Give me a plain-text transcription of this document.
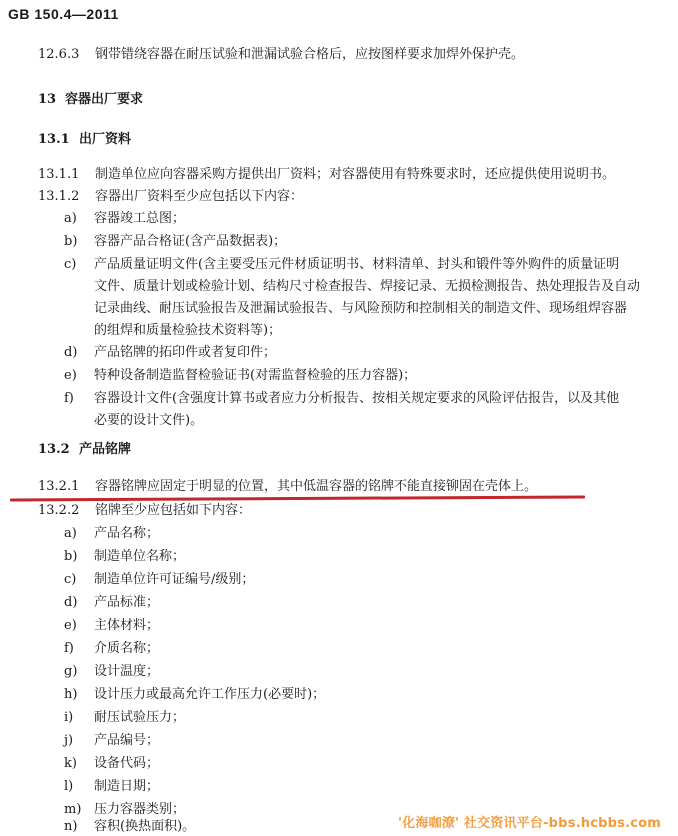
GB 150.4—2011
12.6.3 钢带错绕容器在耐压试验和泄漏试验合格后，应按图样要求加焊外保护壳。
13 容器出厂要求
13.1 出厂资料
13.1.1 制造单位应向容器采购方提供出厂资料；对容器使用有特殊要求时，还应提供使用说明书。
13.1.2 容器出厂资料至少应包括以下内容：
a) 容器竣工总图；
b) 容器产品合格证(含产品数据表)；
c) 产品质量证明文件(含主要受压元件材质证明书、材料清单、封头和锻件等外购件的质量证明
文件、质量计划或检验计划、结构尺寸检查报告、焊接记录、无损检测报告、热处理报告及自动
记录曲线、耐压试验报告及泄漏试验报告、与风险预防和控制相关的制造文件、现场组焊容器
的组焊和质量检验技术资料等)；
d) 产品铭牌的拓印件或者复印件；
e) 特种设备制造监督检验证书(对需监督检验的压力容器)；
f) 容器设计文件(含强度计算书或者应力分析报告、按相关规定要求的风险评估报告，以及其他
必要的设计文件)。
13.2 产品铭牌
13.2.1 容器铭牌应固定于明显的位置，其中低温容器的铭牌不能直接铆固在壳体上。
13.2.2 铭牌至少应包括如下内容：
a) 产品名称；
b) 制造单位名称；
c) 制造单位许可证编号/级别；
d) 产品标准；
e) 主体材料；
f) 介质名称；
g) 设计温度；
h) 设计压力或最高允许工作压力(必要时)；
i) 耐压试验压力；
j) 产品编号；
k) 设备代码；
l) 制造日期；
m) 压力容器类别；
n) 容积(换热面积)。	'化海咖潦' 社交资讯平台-bbs.hcbbs.com
